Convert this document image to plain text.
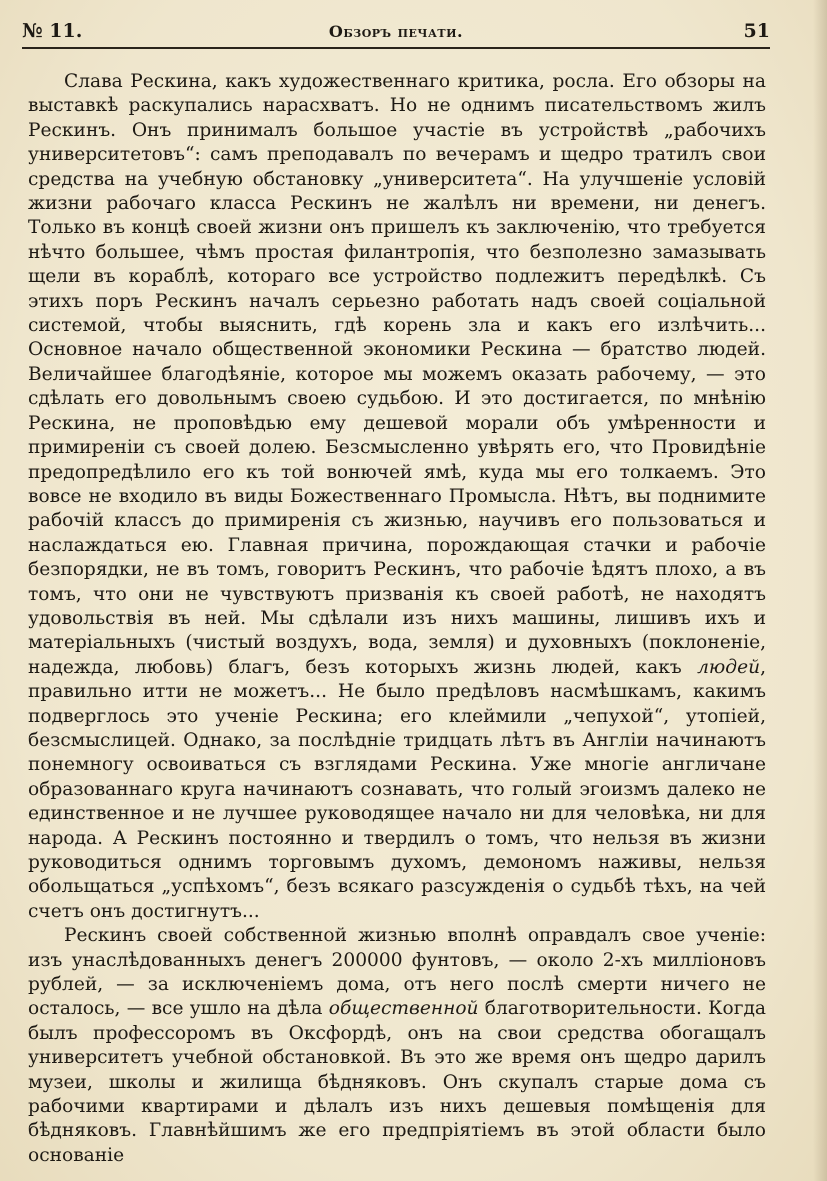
№ 11.	Обзоръ печати.	51

Слава Рескина, какъ художественнаго критика, росла. Его обзоры на выставкѣ раскупались нарасхватъ. Но не однимъ писательствомъ жилъ Рескинъ. Онъ принималъ большое участіе въ устройствѣ „рабочихъ университетовъ“: самъ преподавалъ по вечерамъ и щедро тратилъ свои средства на учебную обстановку „университета“. На улучшеніе условій жизни рабочаго класса Рескинъ не жалѣлъ ни времени, ни денегъ. Только въ концѣ своей жизни онъ пришелъ къ заключенію, что требуется нѣчто большее, чѣмъ простая филантропія, что безполезно замазывать щели въ кораблѣ, котораго все устройство подлежитъ передѣлкѣ. Съ этихъ поръ Рескинъ началъ серьезно работать надъ своей соціальной системой, чтобы выяснить, гдѣ корень зла и какъ его излѣчить... Основное начало общественной экономики Рескина — братство людей. Величайшее благодѣяніе, которое мы можемъ оказать рабочему, — это сдѣлать его довольнымъ своею судьбою. И это достигается, по мнѣнію Рескина, не проповѣдью ему дешевой морали объ умѣренности и примиреніи съ своей долею. Безсмысленно увѣрять его, что Провидѣніе предопредѣлило его къ той вонючей ямѣ, куда мы его толкаемъ. Это вовсе не входило въ виды Божественнаго Промысла. Нѣтъ, вы поднимите рабочій классъ до примиренія съ жизнью, научивъ его пользоваться и наслаждаться ею. Главная причина, порождающая стачки и рабочіе безпорядки, не въ томъ, говоритъ Рескинъ, что рабочіе ѣдятъ плохо, а въ томъ, что они не чувствуютъ призванія къ своей работѣ, не находятъ удовольствія въ ней. Мы сдѣлали изъ нихъ машины, лишивъ ихъ и матеріальныхъ (чистый воздухъ, вода, земля) и духовныхъ (поклоненіе, надежда, любовь) благъ, безъ которыхъ жизнь людей, какъ людей, правильно итти не можетъ... Не было предѣловъ насмѣшкамъ, какимъ подверглось это ученіе Рескина; его клеймили „чепухой“, утопіей, безсмыслицей. Однако, за послѣдніе тридцать лѣтъ въ Англіи начинаютъ понемногу освоиваться съ взглядами Рескина. Уже многіе англичане образованнаго круга начинаютъ сознавать, что голый эгоизмъ далеко не единственное и не лучшее руководящее начало ни для человѣка, ни для народа. А Рескинъ постоянно и твердилъ о томъ, что нельзя въ жизни руководиться однимъ торговымъ духомъ, демономъ наживы, нельзя обольщаться „успѣхомъ“, безъ всякаго разсужденія о судьбѣ тѣхъ, на чей счетъ онъ достигнутъ...

Рескинъ своей собственной жизнью вполнѣ оправдалъ свое ученіе: изъ унаслѣдованныхъ денегъ 200000 фунтовъ, — около 2-хъ милліоновъ рублей, — за исключеніемъ дома, отъ него послѣ смерти ничего не осталось, — все ушло на дѣла общественной благотворительности. Когда былъ профессоромъ въ Оксфордѣ, онъ на свои средства обогащалъ университетъ учебной обстановкой. Въ это же время онъ щедро дарилъ музеи, школы и жилища бѣдняковъ. Онъ скупалъ старые дома съ рабочими квартирами и дѣлалъ изъ нихъ дешевыя помѣщенія для бѣдняковъ. Главнѣйшимъ же его предпріятіемъ въ этой области было основаніе
